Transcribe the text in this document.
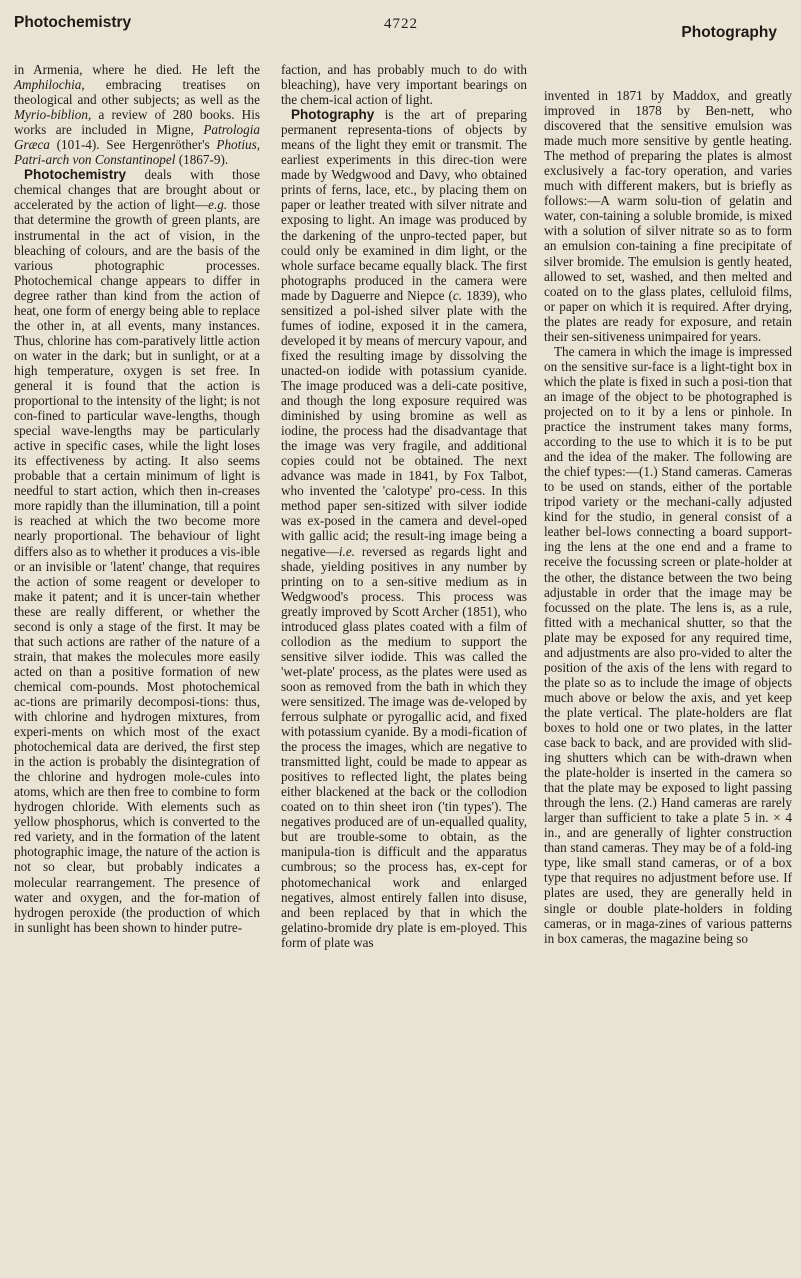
Photochemistry	4722	Photography

in Armenia, where he died. He left the Amphilochia, embracing treatises on theological and other subjects; as well as the Myrio-biblion, a review of 280 books. His works are included in Migne, Patrologia Græca (101-4). See Hergenröther's Photius, Patri-arch von Constantinopel (1867-9).

Photochemistry deals with those chemical changes that are brought about or accelerated by the action of light—e.g. those that determine the growth of green plants, are instrumental in the act of vision, in the bleaching of colours, and are the basis of the various photographic processes. Photochemical change appears to differ in degree rather than kind from the action of heat, one form of energy being able to replace the other in, at all events, many instances. Thus, chlorine has com-paratively little action on water in the dark; but in sunlight, or at a high temperature, oxygen is set free. In general it is found that the action is proportional to the intensity of the light; is not con-fined to particular wave-lengths, though special wave-lengths may be particularly active in specific cases, while the light loses its effectiveness by acting. It also seems probable that a certain minimum of light is needful to start action, which then in-creases more rapidly than the illumination, till a point is reached at which the two become more nearly proportional. The behaviour of light differs also as to whether it produces a vis-ible or an invisible or 'latent' change, that requires the action of some reagent or developer to make it patent; and it is uncer-tain whether these are really different, or whether the second is only a stage of the first. It may be that such actions are rather of the nature of a strain, that makes the molecules more easily acted on than a positive formation of new chemical com-pounds. Most photochemical ac-tions are primarily decomposi-tions: thus, with chlorine and hydrogen mixtures, from experi-ments on which most of the exact photochemical data are derived, the first step in the action is probably the disintegration of the chlorine and hydrogen mole-cules into atoms, which are then free to combine to form hydrogen chloride. With elements such as yellow phosphorus, which is converted to the red variety, and in the formation of the latent photographic image, the nature of the action is not so clear, but probably indicates a molecular rearrangement. The presence of water and oxygen, and the for-mation of hydrogen peroxide (the production of which in sunlight has been shown to hinder putre-

faction, and has probably much to do with bleaching), have very important bearings on the chem-ical action of light.

Photography is the art of preparing permanent representa-tions of objects by means of the light they emit or transmit. The earliest experiments in this direc-tion were made by Wedgwood and Davy, who obtained prints of ferns, lace, etc., by placing them on paper or leather treated with silver nitrate and exposing to light. An image was produced by the darkening of the unpro-tected paper, but could only be examined in dim light, or the whole surface became equally black. The first photographs produced in the camera were made by Daguerre and Niepce (c. 1839), who sensitized a pol-ished silver plate with the fumes of iodine, exposed it in the camera, developed it by means of mercury vapour, and fixed the resulting image by dissolving the unacted-on iodide with potassium cyanide. The image produced was a deli-cate positive, and though the long exposure required was diminished by using bromine as well as iodine, the process had the disadvantage that the image was very fragile, and additional copies could not be obtained. The next advance was made in 1841, by Fox Talbot, who invented the 'calotype' pro-cess. In this method paper sen-sitized with silver iodide was ex-posed in the camera and devel-oped with gallic acid; the result-ing image being a negative—i.e. reversed as regards light and shade, yielding positives in any number by printing on to a sen-sitive medium as in Wedgwood's process. This process was greatly improved by Scott Archer (1851), who introduced glass plates coated with a film of collodion as the medium to support the sensitive silver iodide. This was called the 'wet-plate' process, as the plates were used as soon as removed from the bath in which they were sensitized. The image was de-veloped by ferrous sulphate or pyrogallic acid, and fixed with potassium cyanide. By a modi-fication of the process the images, which are negative to transmitted light, could be made to appear as positives to reflected light, the plates being either blackened at the back or the collodion coated on to thin sheet iron ('tin types'). The negatives produced are of un-equalled quality, but are trouble-some to obtain, as the manipula-tion is difficult and the apparatus cumbrous; so the process has, ex-cept for photomechanical work and enlarged negatives, almost entirely fallen into disuse, and been replaced by that in which the gelatino-bromide dry plate is em-ployed. This form of plate was

invented in 1871 by Maddox, and greatly improved in 1878 by Ben-nett, who discovered that the sensitive emulsion was made much more sensitive by gentle heating. The method of preparing the plates is almost exclusively a fac-tory operation, and varies much with different makers, but is briefly as follows:—A warm solu-tion of gelatin and water, con-taining a soluble bromide, is mixed with a solution of silver nitrate so as to form an emulsion con-taining a fine precipitate of silver bromide. The emulsion is gently heated, allowed to set, washed, and then melted and coated on to the glass plates, celluloid films, or paper on which it is required. After drying, the plates are ready for exposure, and retain their sen-sitiveness unimpaired for years.

The camera in which the image is impressed on the sensitive sur-face is a light-tight box in which the plate is fixed in such a posi-tion that an image of the object to be photographed is projected on to it by a lens or pinhole. In practice the instrument takes many forms, according to the use to which it is to be put and the idea of the maker. The following are the chief types:—(1.) Stand cameras. Cameras to be used on stands, either of the portable tripod variety or the mechani-cally adjusted kind for the studio, in general consist of a leather bel-lows connecting a board support-ing the lens at the one end and a frame to receive the focussing screen or plate-holder at the other, the distance between the two being adjustable in order that the image may be focussed on the plate. The lens is, as a rule, fitted with a mechanical shutter, so that the plate may be exposed for any required time, and adjustments are also pro-vided to alter the position of the axis of the lens with regard to the plate so as to include the image of objects much above or below the axis, and yet keep the plate vertical. The plate-holders are flat boxes to hold one or two plates, in the latter case back to back, and are provided with slid-ing shutters which can be with-drawn when the plate-holder is inserted in the camera so that the plate may be exposed to light passing through the lens. (2.) Hand cameras are rarely larger than sufficient to take a plate 5 in. × 4 in., and are generally of lighter construction than stand cameras. They may be of a fold-ing type, like small stand cameras, or of a box type that requires no adjustment before use. If plates are used, they are generally held in single or double plate-holders in folding cameras, or in maga-zines of various patterns in box cameras, the magazine being so
